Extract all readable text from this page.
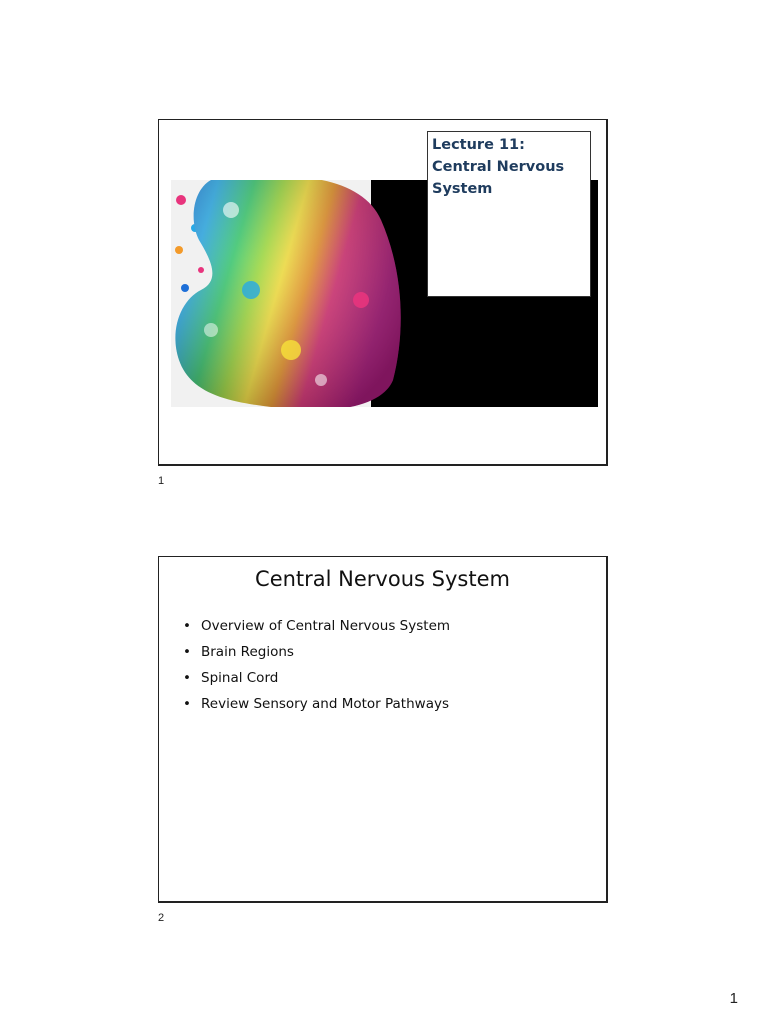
Lecture 11:
Central Nervous
System
1
Central Nervous System
• Overview of Central Nervous System
• Brain Regions
• Spinal Cord
• Review Sensory and Motor Pathways
2
1
